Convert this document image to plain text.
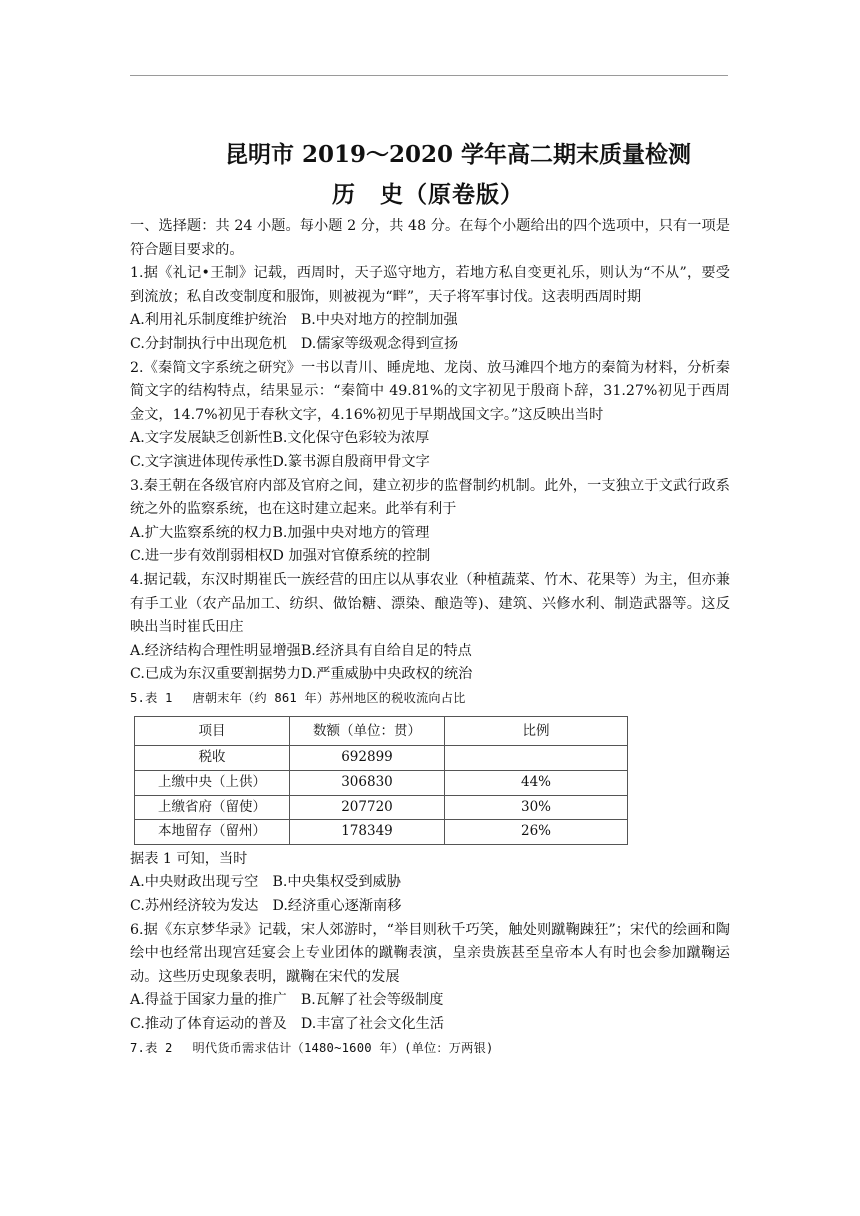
昆明市 2019～2020 学年高二期末质量检测
历　史（原卷版）

一、选择题：共 24 小题。每小题 2 分，共 48 分。在每个小题给出的四个选项中，只有一项是符合题目要求的。

1.据《礼记•王制》记载，西周时，天子巡守地方，若地方私自变更礼乐，则认为“不从”，要受到流放；私自改变制度和服饰，则被视为“畔”，天子将军事讨伐。这表明西周时期

A.利用礼乐制度维护统治　B.中央对地方的控制加强

C.分封制执行中出现危机　D.儒家等级观念得到宣扬

2.《秦简文字系统之研究》一书以青川、睡虎地、龙岗、放马滩四个地方的秦简为材料，分析秦简文字的结构特点，结果显示：“秦简中 49.81%的文字初见于殷商卜辞，31.27%初见于西周金文，14.7%初见于春秋文字，4.16%初见于早期战国文字。”这反映出当时

A.文字发展缺乏创新性B.文化保守色彩较为浓厚

C.文字演进体现传承性D.篆书源自殷商甲骨文字

3.秦王朝在各级官府内部及官府之间，建立初步的监督制约机制。此外，一支独立于文武行政系统之外的监察系统，也在这时建立起来。此举有利于

A.扩大监察系统的权力B.加强中央对地方的管理

C.进一步有效削弱相权D 加强对官僚系统的控制

4.据记载，东汉时期崔氏一族经营的田庄以从事农业（种植蔬菜、竹木、花果等）为主，但亦兼有手工业（农产品加工、纺织、做饴糖、漂染、酿造等)、建筑、兴修水利、制造武器等。这反映出当时崔氏田庄

A.经济结构合理性明显增强B.经济具有自给自足的特点

C.已成为东汉重要割据势力D.严重威胁中央政权的统治

5.表 1　 唐朝末年（约 861 年）苏州地区的税收流向占比

项目	数额（单位：贯）	比例
税收	692899	
上缴中央（上供）	306830	44%
上缴省府（留使）	207720	30%
本地留存（留州）	178349	26%

据表 1 可知，当时

A.中央财政出现亏空　B.中央集权受到威胁

C.苏州经济较为发达　D.经济重心逐渐南移

6.据《东京梦华录》记载，宋人郊游时，“举目则秋千巧笑，触处则蹴鞠踈狂”；宋代的绘画和陶绘中也经常出现宫廷宴会上专业团体的蹴鞠表演，皇亲贵族甚至皇帝本人有时也会参加蹴鞠运动。这些历史现象表明，蹴鞠在宋代的发展

A.得益于国家力量的推广　B.瓦解了社会等级制度

C.推动了体育运动的普及　D.丰富了社会文化生活

7.表 2　 明代货币需求估计（1480~1600 年）(单位：万两银)
